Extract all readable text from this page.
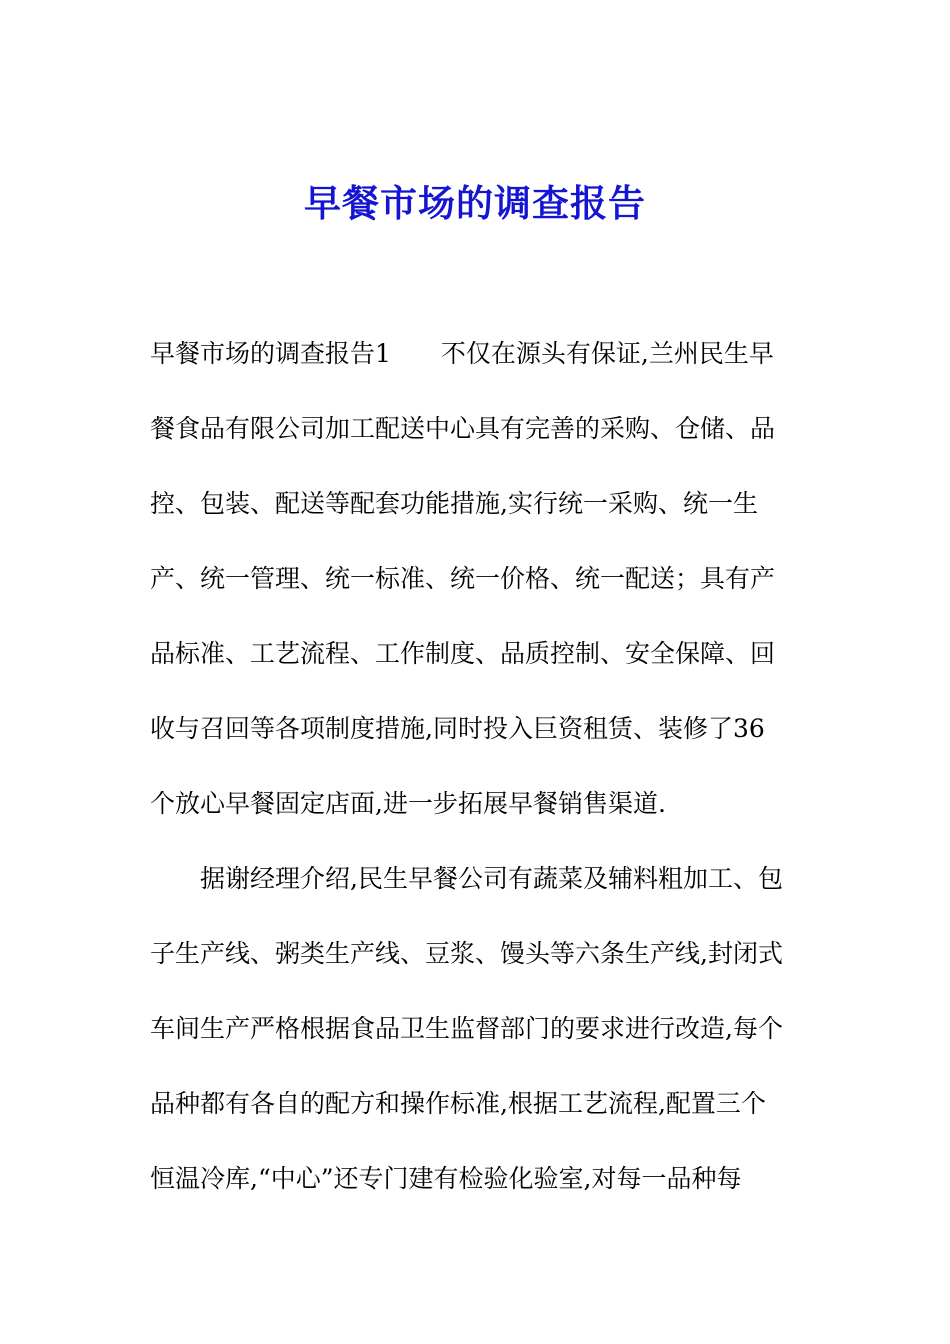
早餐市场的调查报告
早餐市场的调查报告1　　不仅在源头有保证,兰州民生早
餐食品有限公司加工配送中心具有完善的采购、仓储、品
控、包装、配送等配套功能措施,实行统一采购、统一生
产、统一管理、统一标准、统一价格、统一配送；具有产
品标准、工艺流程、工作制度、品质控制、安全保障、回
收与召回等各项制度措施,同时投入巨资租赁、装修了36
个放心早餐固定店面,进一步拓展早餐销售渠道.
　　据谢经理介绍,民生早餐公司有蔬菜及辅料粗加工、包
子生产线、粥类生产线、豆浆、馒头等六条生产线,封闭式
车间生产严格根据食品卫生监督部门的要求进行改造,每个
品种都有各自的配方和操作标准,根据工艺流程,配置三个
恒温冷库,“中心”还专门建有检验化验室,对每一品种每
